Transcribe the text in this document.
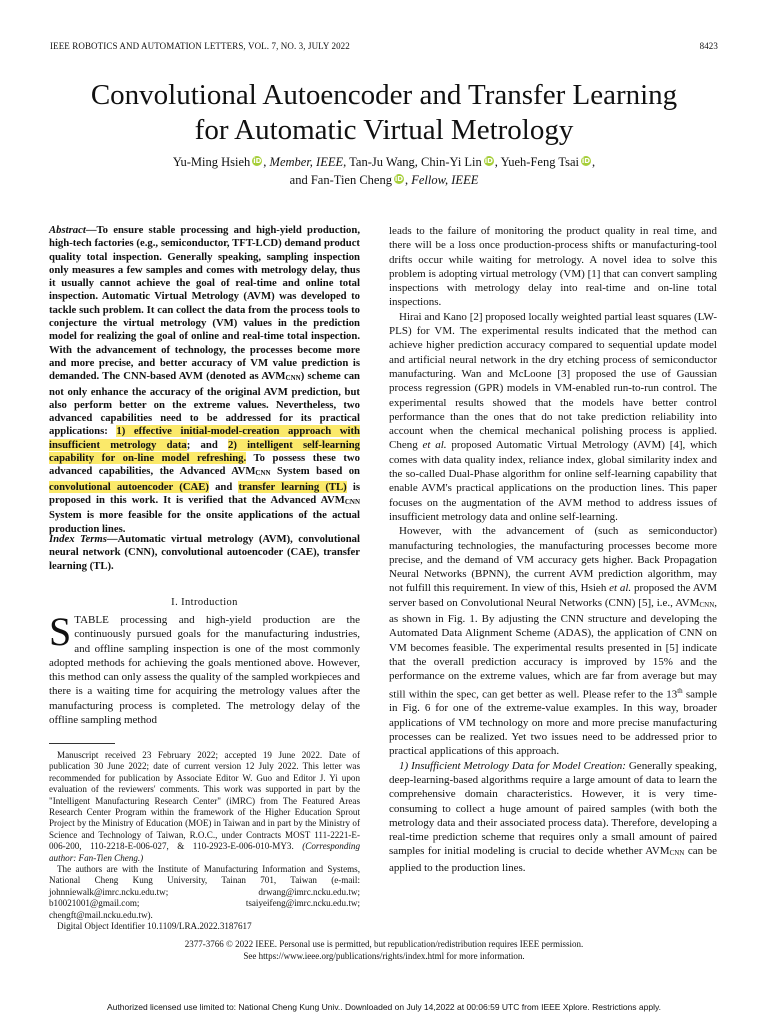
IEEE ROBOTICS AND AUTOMATION LETTERS, VOL. 7, NO. 3, JULY 2022	8423
Convolutional Autoencoder and Transfer Learning
for Automatic Virtual Metrology
Yu-Ming Hsieh iD , Member, IEEE, Tan-Ju Wang, Chin-Yi Lin iD , Yueh-Feng Tsai iD ,
and Fan-Tien Cheng iD , Fellow, IEEE
Abstract—To ensure stable processing and high-yield production, high-tech factories (e.g., semiconductor, TFT-LCD) demand product quality total inspection. Generally speaking, sampling inspection only measures a few samples and comes with metrology delay, thus it usually cannot achieve the goal of real-time and online total inspection. Automatic Virtual Metrology (AVM) was developed to tackle such problem. It can collect the data from the process tools to conjecture the virtual metrology (VM) values in the prediction model for realizing the goal of online and real-time total inspection. With the advancement of technology, the processes become more and more precise, and better accuracy of VM value prediction is demanded. The CNN-based AVM (denoted as $AVM_{CNN}$) scheme can not only enhance the accuracy of the original AVM prediction, but also perform better on the extreme values. Nevertheless, two advanced capabilities need to be addressed for its practical applications: 1) effective initial-model-creation approach with insufficient metrology data; and 2) intelligent self-learning capability for on-line model refreshing. To possess these two advanced capabilities, the Advanced $AVM_{CNN}$ System based on convolutional autoencoder (CAE) and transfer learning (TL) is proposed in this work. It is verified that the Advanced $AVM_{CNN}$ System is more feasible for the onsite applications of the actual production lines.
Index Terms—Automatic virtual metrology (AVM), convolutional neural network (CNN), convolutional autoencoder (CAE), transfer learning (TL).
I. Introduction
STABLE processing and high-yield production are the continuously pursued goals for the manufacturing industries, and offline sampling inspection is one of the most commonly adopted methods for achieving the goals mentioned above. However, this method can only assess the quality of the sampled workpieces and there is a waiting time for acquiring the metrology values after the manufacturing process is completed. The metrology delay of the offline sampling method

Manuscript received 23 February 2022; accepted 19 June 2022. Date of publication 30 June 2022; date of current version 12 July 2022. This letter was recommended for publication by Associate Editor W. Guo and Editor J. Yi upon evaluation of the reviewers' comments. This work was supported in part by the "Intelligent Manufacturing Research Center" (iMRC) from The Featured Areas Research Center Program within the framework of the Higher Education Sprout Project by the Ministry of Education (MOE) in Taiwan and in part by the Ministry of Science and Technology of Taiwan, R.O.C., under Contracts MOST 111-2221-E-006-200, 110-2218-E-006-027, & 110-2923-E-006-010-MY3. (Corresponding author: Fan-Tien Cheng.)

The authors are with the Institute of Manufacturing Information and Systems, National Cheng Kung University, Tainan 701, Taiwan (e-mail: johnniewalk@imrc.ncku.edu.tw; drwang@imrc.ncku.edu.tw; b10021001@gmail.com; tsaiyeifeng@imrc.ncku.edu.tw; chengft@mail.ncku.edu.tw).

Digital Object Identifier 10.1109/LRA.2022.3187617

leads to the failure of monitoring the product quality in real time, and there will be a loss once production-process shifts or manufacturing-tool drifts occur while waiting for metrology. A novel idea to solve this problem is adopting virtual metrology (VM) [1] that can convert sampling inspections with metrology delay into real-time and on-line total inspections.

Hirai and Kano [2] proposed locally weighted partial least squares (LW-PLS) for VM. The experimental results indicated that the method can achieve higher prediction accuracy compared to sequential update model and artificial neural network in the dry etching process of semiconductor manufacturing. Wan and McLoone [3] proposed the use of Gaussian process regression (GPR) models in VM-enabled run-to-run control. The experimental results showed that the models have better control performance than the ones that do not take prediction reliability into account when the chemical mechanical polishing process is applied. Cheng et al. proposed Automatic Virtual Metrology (AVM) [4], which comes with data quality index, reliance index, global similarity index and the so-called Dual-Phase algorithm for online self-learning capability that enable AVM's practical applications on the production lines. This paper focuses on the augmentation of the AVM method to address issues of insufficient metrology data and online self-learning.

However, with the advancement of (such as semiconductor) manufacturing technologies, the manufacturing processes become more precise, and the demand of VM accuracy gets higher. Back Propagation Neural Networks (BPNN), the current AVM prediction algorithm, may not fulfill this requirement. In view of this, Hsieh et al. proposed the AVM server based on Convolutional Neural Networks (CNN) [5], i.e., $AVM_{CNN}$, as shown in Fig. 1. By adjusting the CNN structure and developing the Automated Data Alignment Scheme (ADAS), the application of CNN on VM becomes feasible. The experimental results presented in [5] indicate that the overall prediction accuracy is improved by 15% and the performance on the extreme values, which are far from average but may still within the spec, can get better as well. Please refer to the 13th sample in Fig. 6 for one of the extreme-value examples. In this way, broader applications of VM technology on more and more precise manufacturing processes can be realized. Yet two issues need to be addressed prior to practical applications of this approach.

1) Insufficient Metrology Data for Model Creation: Generally speaking, deep-learning-based algorithms require a large amount of data to learn the comprehensive domain characteristics. However, it is very time-consuming to collect a huge amount of paired samples (with both the metrology data and their associated process data). Therefore, developing a real-time prediction scheme that requires only a small amount of paired samples for initial modeling is crucial to decide whether $AVM_{CNN}$ can be applied to the production lines.

2377-3766 © 2022 IEEE. Personal use is permitted, but republication/redistribution requires IEEE permission.
See https://www.ieee.org/publications/rights/index.html for more information.
Authorized licensed use limited to: National Cheng Kung Univ.. Downloaded on July 14,2022 at 00:06:59 UTC from IEEE Xplore. Restrictions apply.
